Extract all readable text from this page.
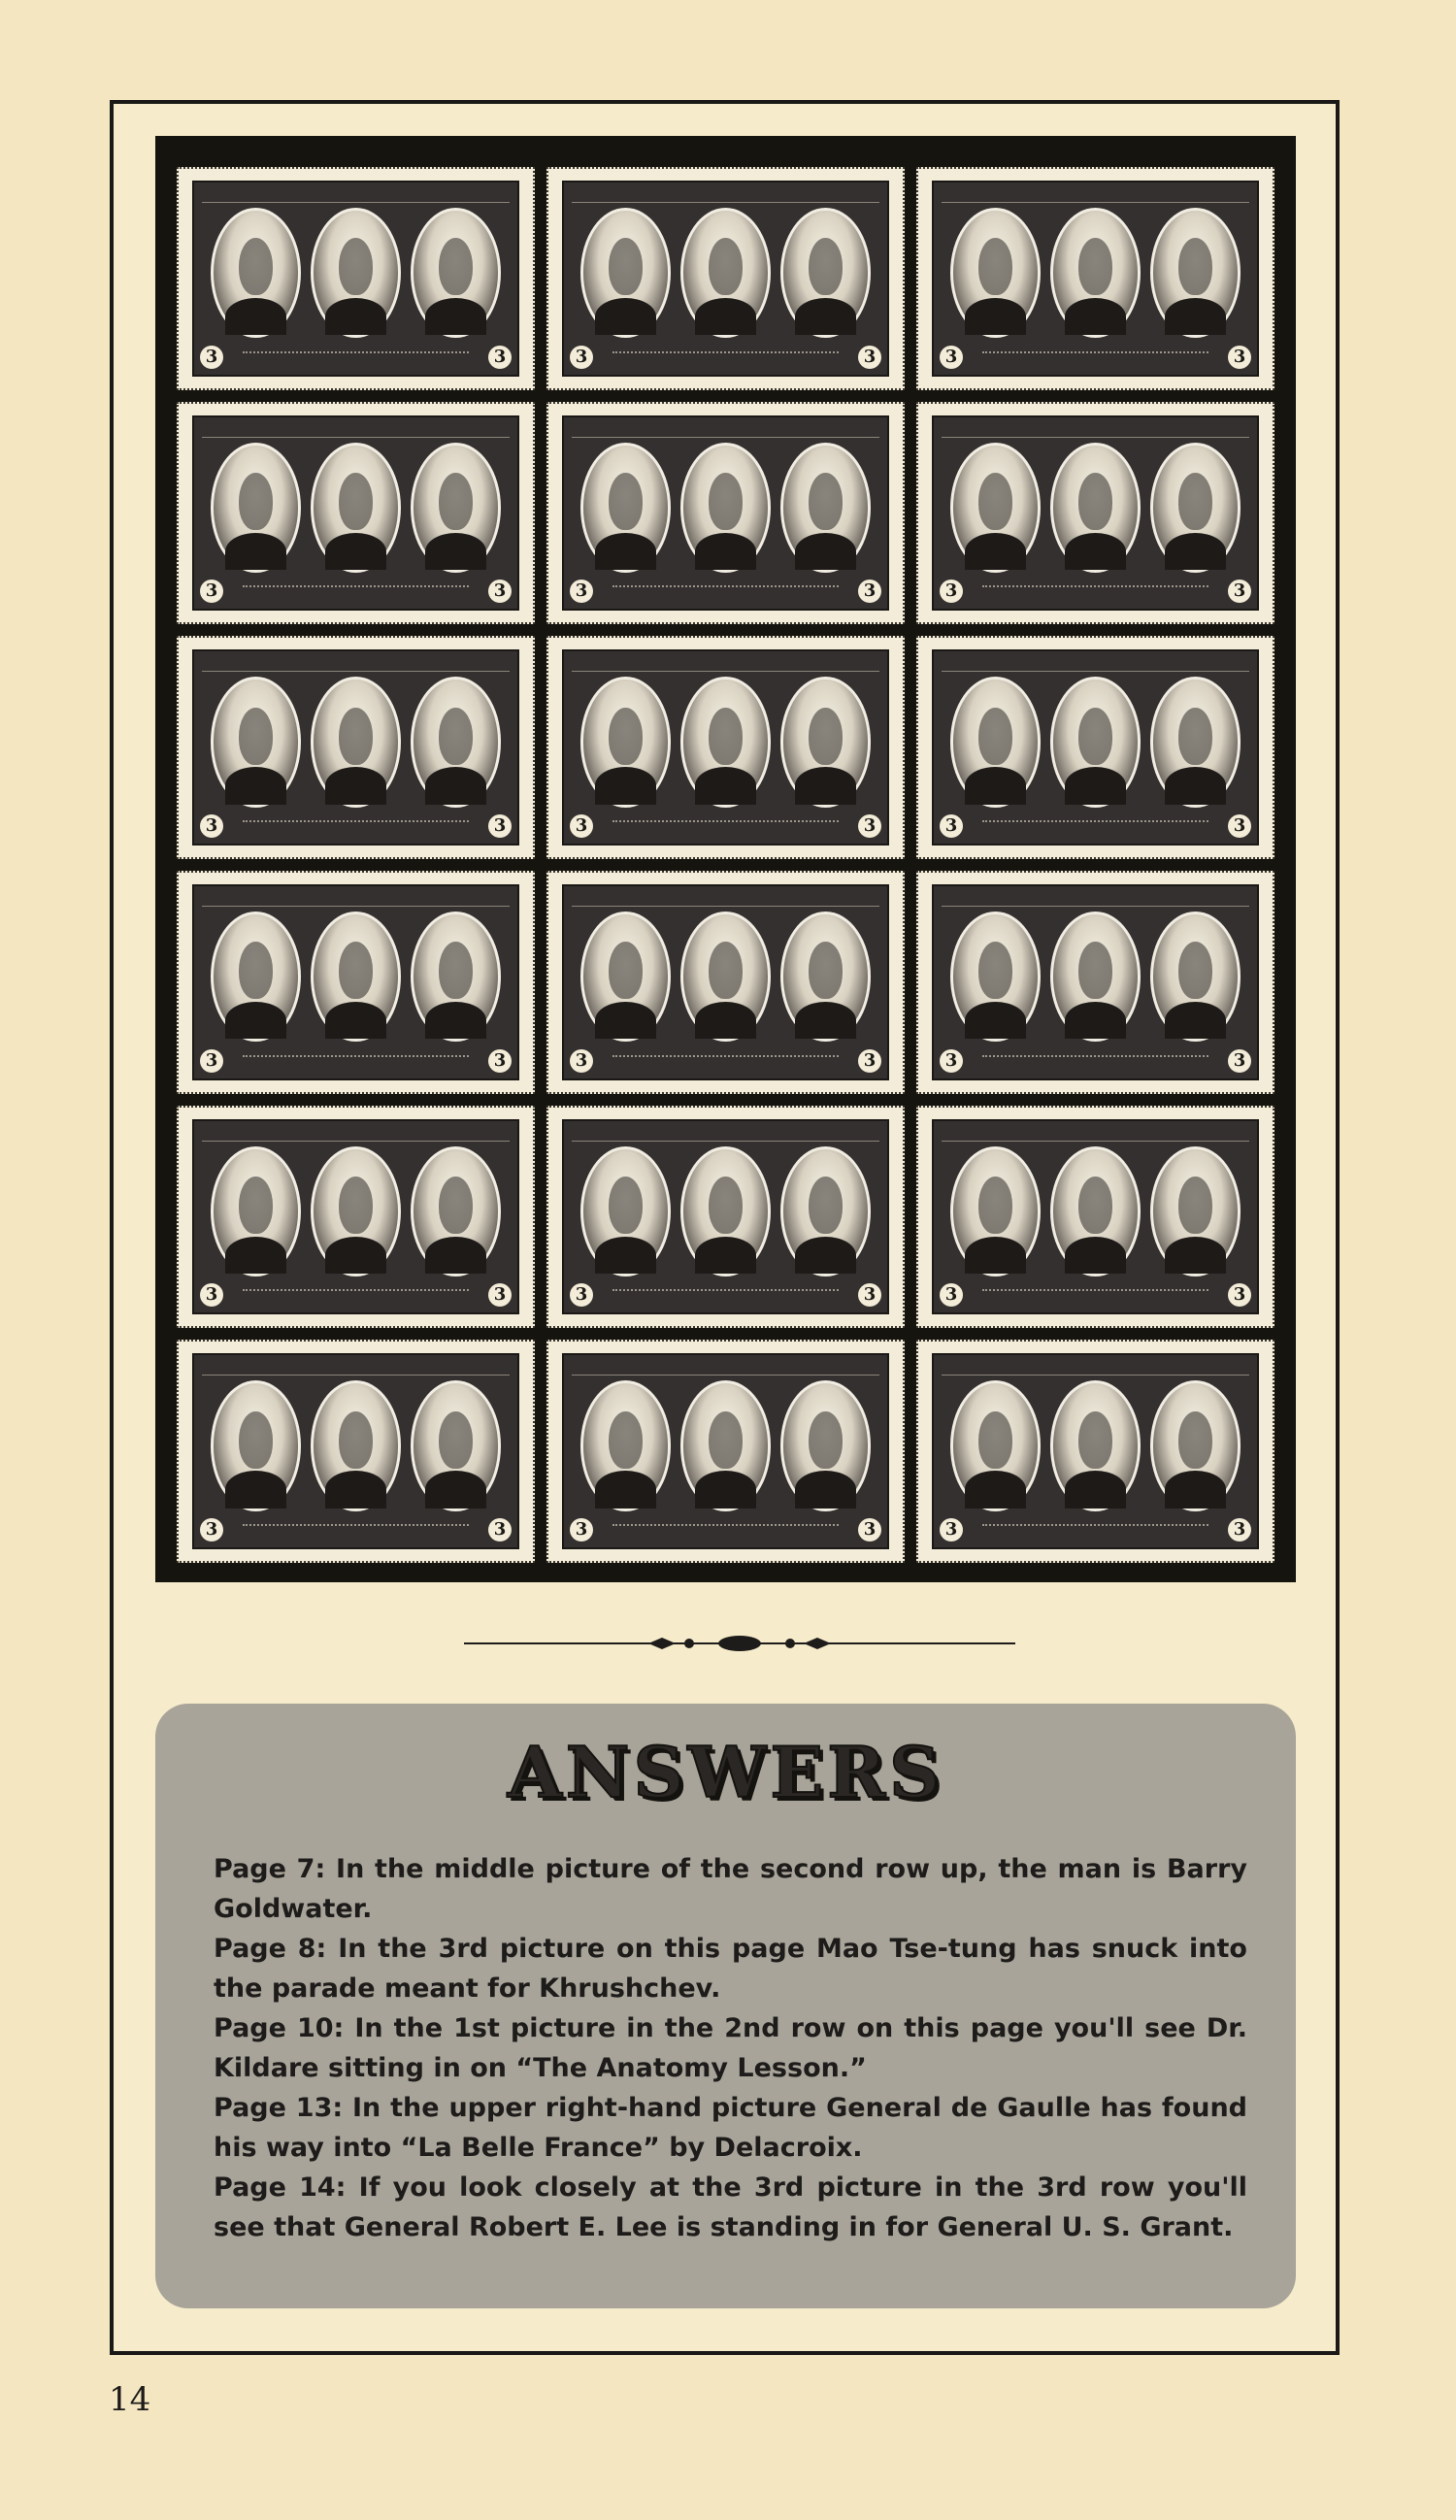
3	3	3	3	3	3
3	3	3	3	3	3
3	3	3	3	3	3
3	3	3	3	3	3
3	3	3	3	3	3
3	3	3	3	3	3
ANSWERS

Page 7: In the middle picture of the second row up, the man is Barry Goldwater.

Page 8: In the 3rd picture on this page Mao Tse-tung has snuck into the parade meant for Khrushchev.

Page 10: In the 1st picture in the 2nd row on this page you'll see Dr. Kildare sitting in on “The Anatomy Lesson.”

Page 13: In the upper right-hand picture General de Gaulle has found his way into “La Belle France” by Delacroix.

Page 14: If you look closely at the 3rd picture in the 3rd row you'll see that General Robert E. Lee is standing in for General U. S. Grant.

14
